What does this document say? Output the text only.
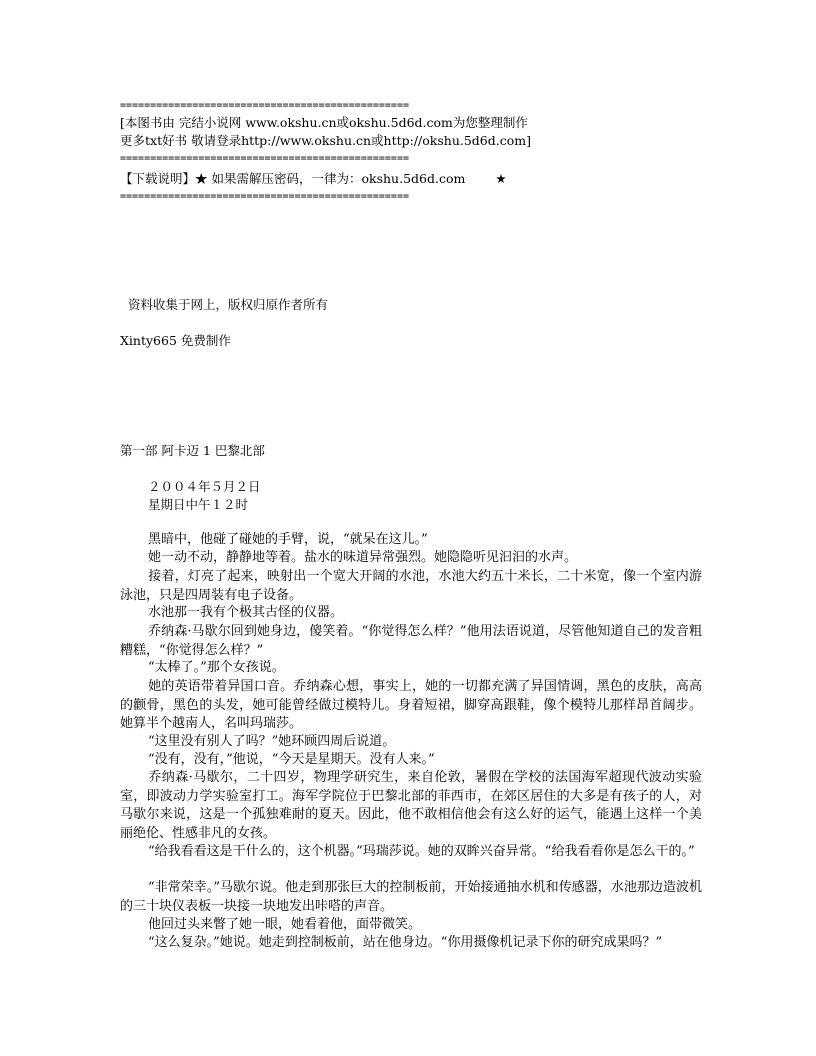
================================================
[本图书由 完结小说网 www.okshu.cn或okshu.5d6d.com为您整理制作
更多txt好书 敬请登录http://www.okshu.cn或http://okshu.5d6d.com]
================================================
【下载说明】★ 如果需解压密码，一律为：okshu.5d6d.com ★
================================================
资料收集于网上，版权归原作者所有
Xinty665 免费制作
第一部 阿卡迈 1 巴黎北部
２００４年５月２日
星期日中午１２时
黑暗中，他碰了碰她的手臂，说，“就呆在这儿。”
她一动不动，静静地等着。盐水的味道异常强烈。她隐隐听见汩汩的水声。
接着，灯亮了起来，映射出一个宽大开阔的水池，水池大约五十米长，二十米宽，像一个室内游泳池，只是四周装有电子设备。
水池那一我有个极其古怪的仪器。
乔纳森·马歇尔回到她身边，傻笑着。“你觉得怎么样？”他用法语说道，尽管他知道自己的发音粗糟糕，“你觉得怎么样？”
“太棒了。”那个女孩说。
她的英语带着异国口音。乔纳森心想，事实上，她的一切都充满了异国情调，黑色的皮肤，高高的颧骨，黑色的头发，她可能曾经做过模特儿。身着短裙，脚穿高跟鞋，像个模特儿那样昂首阔步。她算半个越南人，名叫玛瑞莎。
“这里没有别人了吗？”她环顾四周后说道。
“没有，没有，”他说，“今天是星期天。没有人来。”
乔纳森·马歇尔，二十四岁，物理学研究生，来自伦敦，暑假在学校的法国海军超现代波动实验室，即波动力学实验室打工。海军学院位于巴黎北部的菲西市，在郊区居住的大多是有孩子的人，对马歇尔来说，这是一个孤独难耐的夏天。因此，他不敢相信他会有这么好的运气，能遇上这样一个美丽绝伦、性感非凡的女孩。
“给我看看这是干什么的，这个机器。”玛瑞莎说。她的双眸兴奋异常。“给我看看你是怎么干的。”
“非常荣幸。”马歇尔说。他走到那张巨大的控制板前，开始接通抽水机和传感器，水池那边造波机的三十块仪表板一块接一块地发出咔嗒的声音。
他回过头来瞥了她一眼，她看着他，面带微笑。
“这么复杂。”她说。她走到控制板前，站在他身边。“你用摄像机记录下你的研究成果吗？”
